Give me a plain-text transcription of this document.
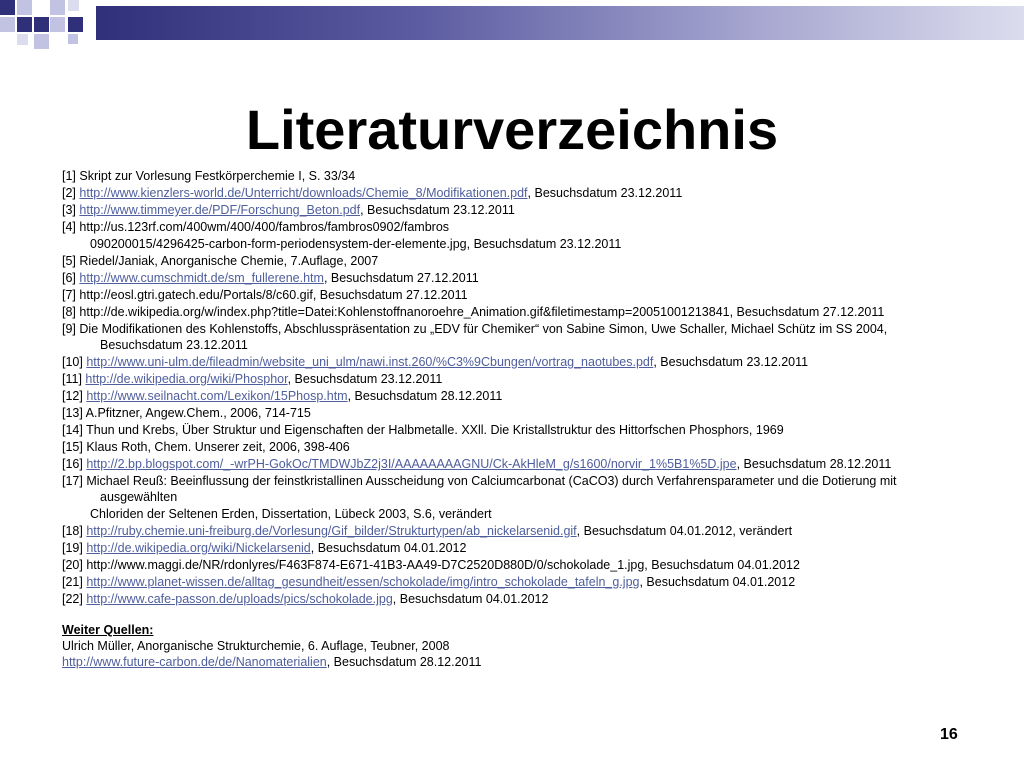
Literaturverzeichnis
[1] Skript zur Vorlesung Festkörperchemie I, S. 33/34
[2] http://www.kienzlers-world.de/Unterricht/downloads/Chemie_8/Modifikationen.pdf, Besuchsdatum 23.12.2011
[3] http://www.timmeyer.de/PDF/Forschung_Beton.pdf, Besuchsdatum 23.12.2011
[4] http://us.123rf.com/400wm/400/400/fambros/fambros0902/fambros
090200015/4296425-carbon-form-periodensystem-der-elemente.jpg, Besuchsdatum 23.12.2011
[5] Riedel/Janiak, Anorganische Chemie, 7.Auflage, 2007
[6] http://www.cumschmidt.de/sm_fullerene.htm, Besuchsdatum 27.12.2011
[7] http://eosl.gtri.gatech.edu/Portals/8/c60.gif, Besuchsdatum 27.12.2011
[8] http://de.wikipedia.org/w/index.php?title=Datei:Kohlenstoffnanoroehre_Animation.gif&filetimestamp=20051001213841, Besuchsdatum 27.12.2011
[9] Die Modifikationen des Kohlenstoffs, Abschlusspräsentation zu „EDV für Chemiker“ von Sabine Simon, Uwe Schaller, Michael Schütz im SS 2004, Besuchsdatum 23.12.2011
[10] http://www.uni-ulm.de/fileadmin/website_uni_ulm/nawi.inst.260/%C3%9Cbungen/vortrag_naotubes.pdf, Besuchsdatum 23.12.2011
[11] http://de.wikipedia.org/wiki/Phosphor, Besuchsdatum 23.12.2011
[12] http://www.seilnacht.com/Lexikon/15Phosp.htm, Besuchsdatum 28.12.2011
[13] A.Pfitzner, Angew.Chem., 2006, 714-715
[14] Thun und Krebs, Über Struktur und Eigenschaften der Halbmetalle. XXll. Die Kristallstruktur des Hittorfschen Phosphors, 1969
[15] Klaus Roth, Chem. Unserer zeit, 2006, 398-406
[16] http://2.bp.blogspot.com/_-wrPH-GokOc/TMDWJbZ2j3I/AAAAAAAAGNU/Ck-AkHleM_g/s1600/norvir_1%5B1%5D.jpe, Besuchsdatum 28.12.2011
[17] Michael Reuß: Beeinflussung der feinstkristallinen Ausscheidung von Calciumcarbonat (CaCO3) durch Verfahrensparameter und die Dotierung mit ausgewählten
Chloriden der Seltenen Erden, Dissertation, Lübeck 2003, S.6, verändert
[18] http://ruby.chemie.uni-freiburg.de/Vorlesung/Gif_bilder/Strukturtypen/ab_nickelarsenid.gif, Besuchsdatum 04.01.2012, verändert
[19] http://de.wikipedia.org/wiki/Nickelarsenid, Besuchsdatum 04.01.2012
[20] http://www.maggi.de/NR/rdonlyres/F463F874-E671-41B3-AA49-D7C2520D880D/0/schokolade_1.jpg, Besuchsdatum 04.01.2012
[21] http://www.planet-wissen.de/alltag_gesundheit/essen/schokolade/img/intro_schokolade_tafeln_g.jpg, Besuchsdatum 04.01.2012
[22] http://www.cafe-passon.de/uploads/pics/schokolade.jpg, Besuchsdatum 04.01.2012
Weiter Quellen:
Ulrich Müller, Anorganische Strukturchemie, 6. Auflage, Teubner, 2008
http://www.future-carbon.de/de/Nanomaterialien, Besuchsdatum 28.12.2011
16
